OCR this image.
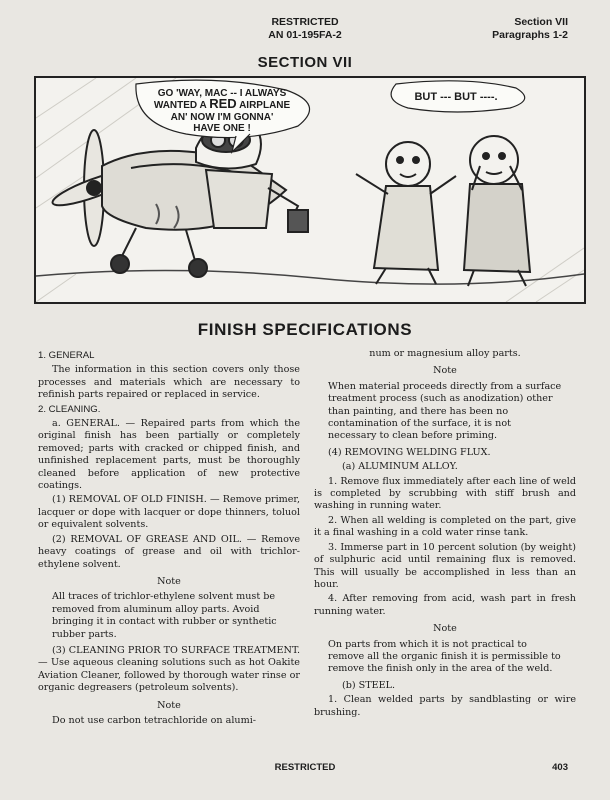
RESTRICTED
AN 01-195FA-2
Section VII
Paragraphs 1-2
SECTION VII
GO 'WAY, MAC -- I ALWAYS
WANTED A RED AIRPLANE
AN' NOW I'M GONNA'
HAVE ONE !
BUT --- BUT ----.
FINISH SPECIFICATIONS

1. GENERAL

The information in this section covers only those processes and materials which are necessary to refinish parts repaired or replaced in service.

2. CLEANING.

a. GENERAL. — Repaired parts from which the original finish has been partially or completely removed; parts with cracked or chipped finish, and unfinished replacement parts, must be thoroughly cleaned before application of new protective coatings.

(1) REMOVAL OF OLD FINISH. — Remove primer, lacquer or dope with lacquer or dope thinners, toluol or equivalent solvents.

(2) REMOVAL OF GREASE AND OIL. — Remove heavy coatings of grease and oil with trichlor-ethylene solvent.

Note

All traces of trichlor-ethylene solvent must be removed from aluminum alloy parts. Avoid bringing it in contact with rubber or synthetic rubber parts.

(3) CLEANING PRIOR TO SURFACE TREATMENT. — Use aqueous cleaning solutions such as hot Oakite Aviation Cleaner, followed by thorough water rinse or organic degreasers (petroleum solvents).

Note

Do not use carbon tetrachloride on alumi-

num or magnesium alloy parts.

Note

When material proceeds directly from a surface treatment process (such as anodization) other than painting, and there has been no contamination of the surface, it is not necessary to clean before priming.

(4) REMOVING WELDING FLUX.

(a) ALUMINUM ALLOY.

1. Remove flux immediately after each line of weld is completed by scrubbing with stiff brush and washing in running water.

2. When all welding is completed on the part, give it a final washing in a cold water rinse tank.

3. Immerse part in 10 percent solution (by weight) of sulphuric acid until remaining flux is removed. This will usually be accomplished in less than an hour.

4. After removing from acid, wash part in fresh running water.

Note

On parts from which it is not practical to remove all the organic finish it is permissible to remove the finish only in the area of the weld.

(b) STEEL.

1. Clean welded parts by sandblasting or wire brushing.

RESTRICTED	403
